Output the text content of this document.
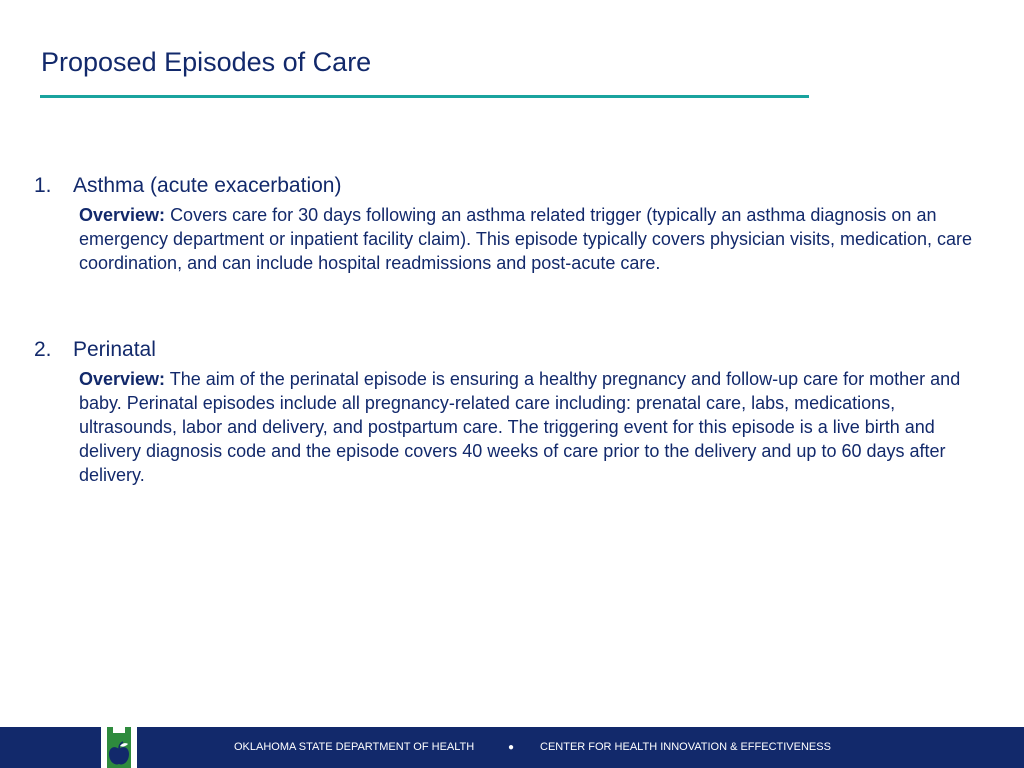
Proposed Episodes of Care
1. Asthma (acute exacerbation)

Overview: Covers care for 30 days following an asthma related trigger (typically an asthma diagnosis on an emergency department or inpatient facility claim). This episode typically covers physician visits, medication, care coordination, and can include hospital readmissions and post-acute care.

2. Perinatal

Overview: The aim of the perinatal episode is ensuring a healthy pregnancy and follow-up care for mother and baby. Perinatal episodes include all pregnancy-related care including: prenatal care, labs, medications, ultrasounds, labor and delivery, and postpartum care. The triggering event for this episode is a live birth and delivery diagnosis code and the episode covers 40 weeks of care prior to the delivery and up to 60 days after delivery.

OKLAHOMA STATE DEPARTMENT OF HEALTH	● CENTER FOR HEALTH INNOVATION & EFFECTIVENESS
